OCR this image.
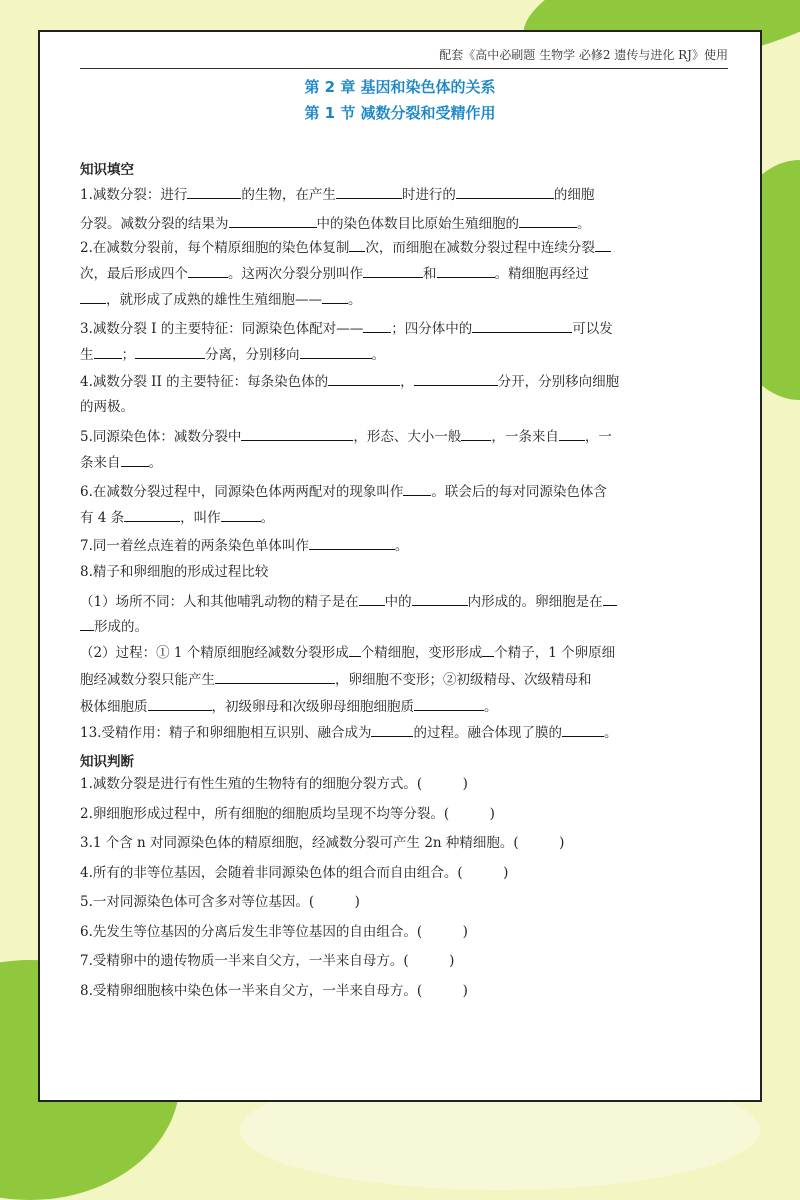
配套《高中必刷题 生物学 必修2 遗传与进化 RJ》使用
第 2 章 基因和染色体的关系
第 1 节 减数分裂和受精作用
知识填空
1.减数分裂：进行	的生物，在产生	时进行的	的细胞
分裂。减数分裂的结果为	中的染色体数目比原始生殖细胞的	。
2.在减数分裂前，每个精原细胞的染色体复制 次，而细胞在减数分裂过程中连续分裂
次，最后形成四个	。这两次分裂分别叫作	和	。精细胞再经过
，就形成了成熟的雄性生殖细胞—— 。
3.减数分裂 I 的主要特征：同源染色体配对—— ；四分体中的	可以发
生 ；	分离，分别移向	。
4.减数分裂 II 的主要特征：每条染色体的	，	分开，分别移向细胞
的两极。
5.同源染色体：减数分裂中	，形态、大小一般 ，一条来自 ，一
条来自 。
6.在减数分裂过程中，同源染色体两两配对的现象叫作 。联会后的每对同源染色体含
有 4 条	，叫作	。
7.同一着丝点连着的两条染色单体叫作	。
8.精子和卵细胞的形成过程比较
（1）场所不同：人和其他哺乳动物的精子是在 中的	内形成的。卵细胞是在
形成的。
（2）过程：① 1 个精原细胞经减数分裂形成 个精细胞，变形形成 个精子，1 个卵原细
胞经减数分裂只能产生	，卵细胞不变形；②初级精母、次级精母和
极体细胞质	，初级卵母和次级卵母细胞细胞质	。
13.受精作用：精子和卵细胞相互识别、融合成为	的过程。融合体现了膜的	。
知识判断
1.减数分裂是进行有性生殖的生物特有的细胞分裂方式。(　　　)
2.卵细胞形成过程中，所有细胞的细胞质均呈现不均等分裂。(　　　)
3.1 个含 n 对同源染色体的精原细胞，经减数分裂可产生 2n 种精细胞。(　　　)
4.所有的非等位基因，会随着非同源染色体的组合而自由组合。(　　　)
5.一对同源染色体可含多对等位基因。(　　　)
6.先发生等位基因的分离后发生非等位基因的自由组合。(　　　)
7.受精卵中的遗传物质一半来自父方，一半来自母方。(　　　)
8.受精卵细胞核中染色体一半来自父方，一半来自母方。(　　　)
